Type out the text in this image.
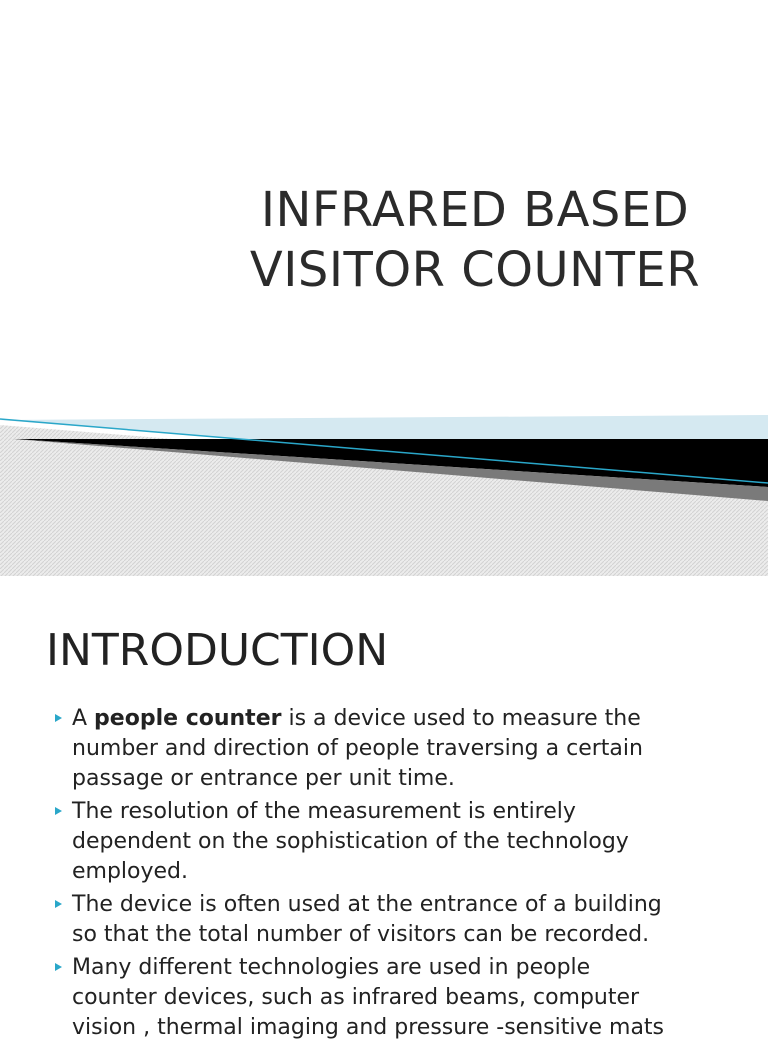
INFRARED BASED
VISITOR COUNTER
INTRODUCTION
A people counter is a device used to measure the
number and direction of people traversing a certain
passage or entrance per unit time.
The resolution of the measurement is entirely
dependent on the sophistication of the technology
employed.
The device is often used at the entrance of a building
so that the total number of visitors can be recorded.
Many different technologies are used in people
counter devices, such as infrared beams, computer
vision , thermal imaging and pressure -sensitive mats
